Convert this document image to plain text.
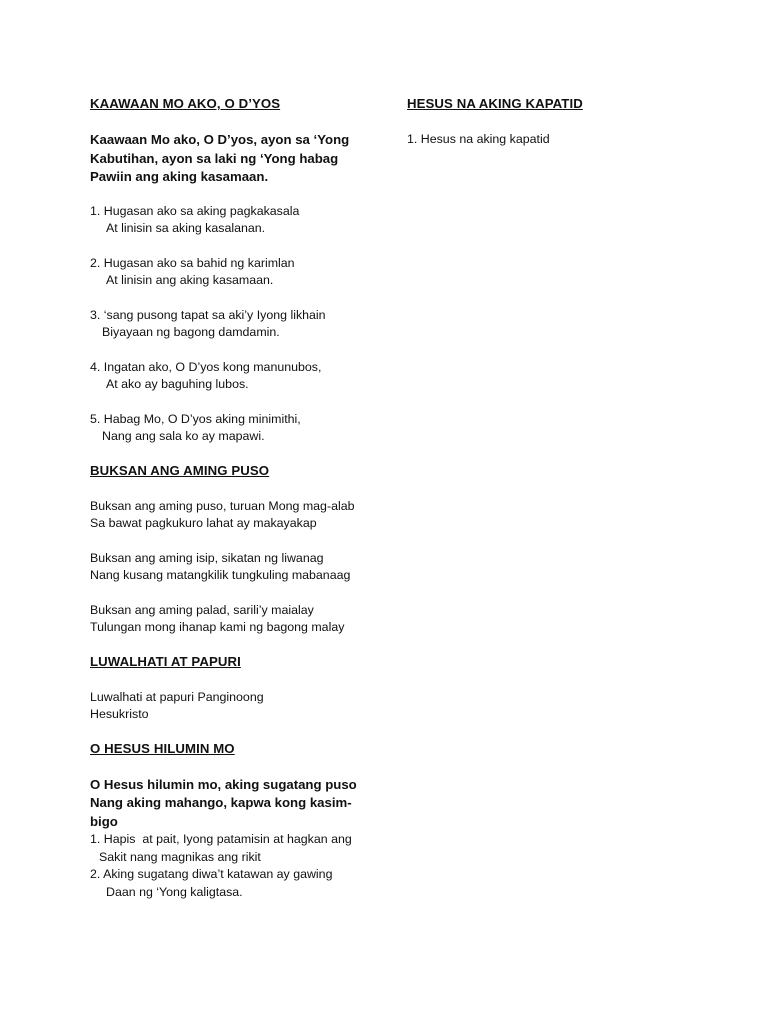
KAAWAAN MO AKO, O D’YOS

Kaawaan Mo ako, O D’yos, ayon sa ‘Yong

Kabutihan, ayon sa laki ng ‘Yong habag

Pawiin ang aking kasamaan.

1. Hugasan ako sa aking pagkakasala

At linisin sa aking kasalanan.

2. Hugasan ako sa bahid ng karimlan

At linisin ang aking kasamaan.

3. ‘sang pusong tapat sa aki’y Iyong likhain

Biyayaan ng bagong damdamin.

4. Ingatan ako, O D’yos kong manunubos,

At ako ay baguhing lubos.

5. Habag Mo, O D’yos aking minimithi,

Nang ang sala ko ay mapawi.

BUKSAN ANG AMING PUSO

Buksan ang aming puso, turuan Mong mag-alab

Sa bawat pagkukuro lahat ay makayakap

Buksan ang aming isip, sikatan ng liwanag

Nang kusang matangkilik tungkuling mabanaag

Buksan ang aming palad, sarili’y maialay

Tulungan mong ihanap kami ng bagong malay

LUWALHATI AT PAPURI

Luwalhati at papuri Panginoong

Hesukristo

O HESUS HILUMIN MO

O Hesus hilumin mo, aking sugatang puso

Nang aking mahango, kapwa kong kasim-

bigo

1. Hapis  at pait, Iyong patamisin at hagkan ang

Sakit nang magnikas ang rikit

2. Aking sugatang diwa’t katawan ay gawing

Daan ng ‘Yong kaligtasa.

HESUS NA AKING KAPATID

1. Hesus na aking kapatid
